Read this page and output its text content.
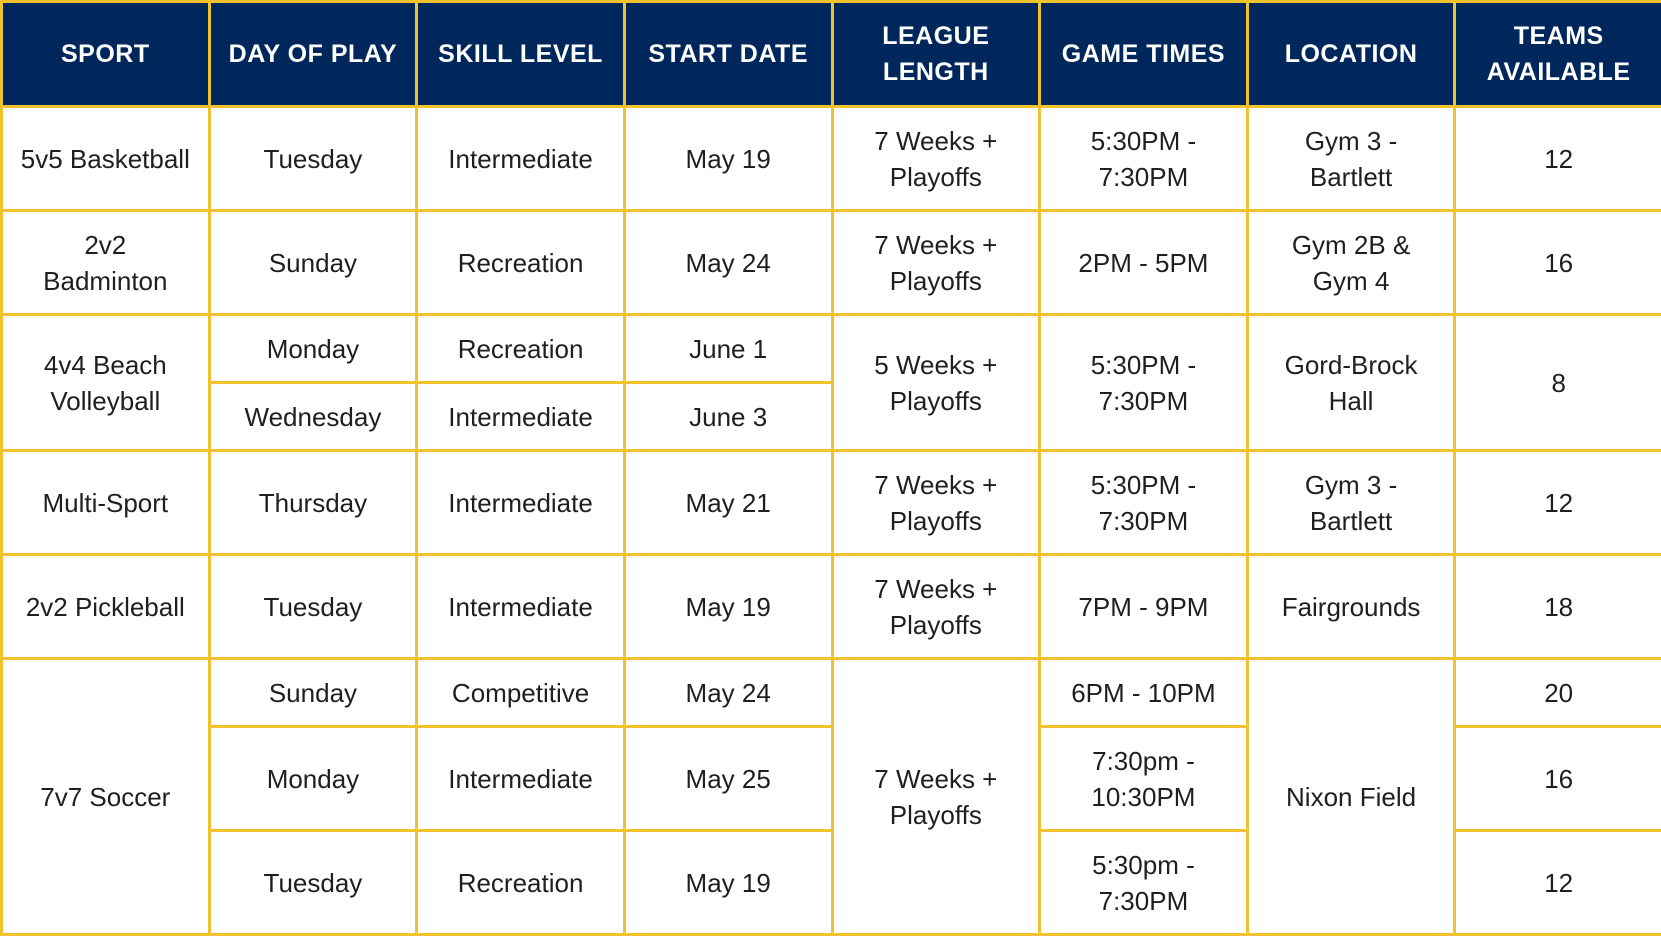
SPORT	DAY OF PLAY	SKILL LEVEL	START DATE	LEAGUE LENGTH	GAME TIMES	LOCATION	TEAMS AVAILABLE
5v5 Basketball	Tuesday	Intermediate	May 19	7 Weeks + Playoffs	5:30PM - 7:30PM	Gym 3 - Bartlett	12
2v2 Badminton	Sunday	Recreation	May 24	7 Weeks + Playoffs	2PM - 5PM	Gym 2B & Gym 4	16
4v4 Beach Volleyball	Monday	Recreation	June 1	5 Weeks + Playoffs	5:30PM - 7:30PM	Gord-Brock Hall	8
	Wednesday	Intermediate	June 3				
Multi-Sport	Thursday	Intermediate	May 21	7 Weeks + Playoffs	5:30PM - 7:30PM	Gym 3 - Bartlett	12
2v2 Pickleball	Tuesday	Intermediate	May 19	7 Weeks + Playoffs	7PM - 9PM	Fairgrounds	18
7v7 Soccer	Sunday	Competitive	May 24	7 Weeks + Playoffs	6PM - 10PM	Nixon Field	20
	Monday	Intermediate	May 25		7:30pm - 10:30PM		16
	Tuesday	Recreation	May 19		5:30pm - 7:30PM		12
